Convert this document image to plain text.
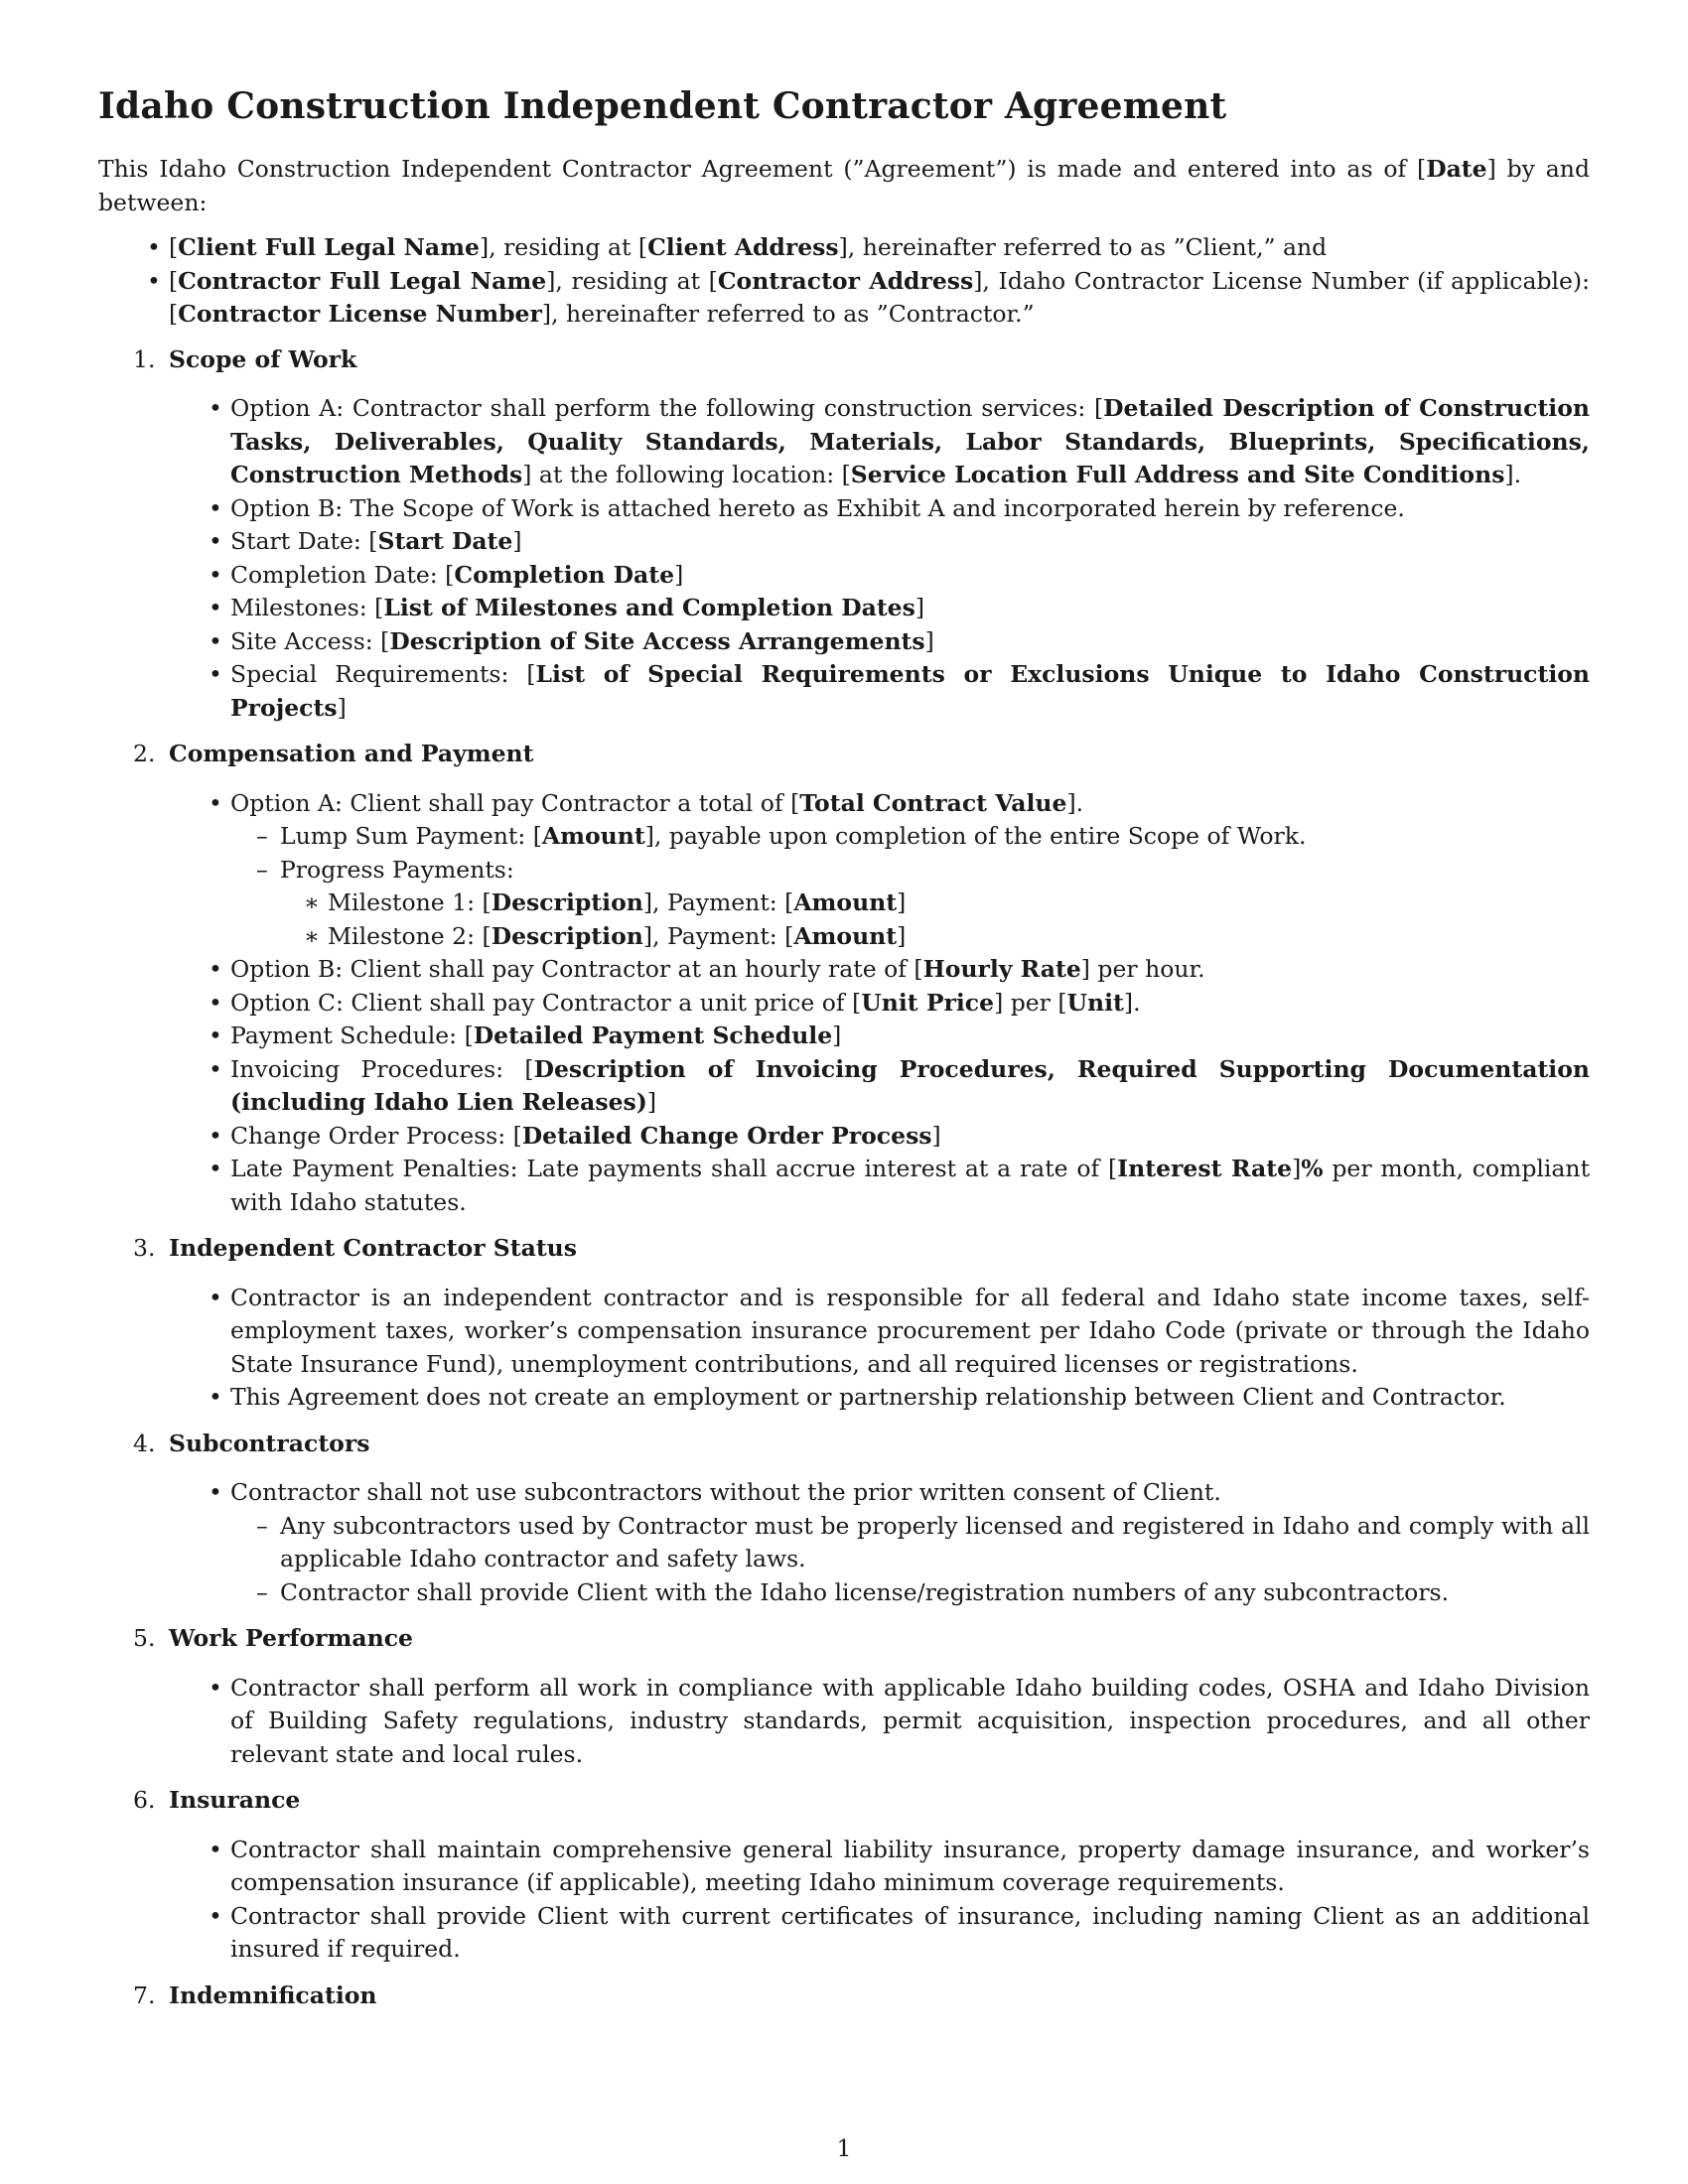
Idaho Construction Independent Contractor Agreement

This Idaho Construction Independent Contractor Agreement (”Agreement”) is made and entered into as of [Date] by and between:

• [Client Full Legal Name], residing at [Client Address], hereinafter referred to as ”Client,” and
• [Contractor Full Legal Name], residing at [Contractor Address], Idaho Contractor License Number (if applicable): [Contractor License Number], hereinafter referred to as ”Contractor.”
1. Scope of Work
• Option A: Contractor shall perform the following construction services: [Detailed Description of Construction Tasks, Deliverables, Quality Standards, Materials, Labor Standards, Blueprints, Specifications, Construction Methods] at the following location: [Service Location Full Address and Site Conditions].
• Option B: The Scope of Work is attached hereto as Exhibit A and incorporated herein by reference.
• Start Date: [Start Date]
• Completion Date: [Completion Date]
• Milestones: [List of Milestones and Completion Dates]
• Site Access: [Description of Site Access Arrangements]
• Special Requirements: [List of Special Requirements or Exclusions Unique to Idaho Construction Projects]
2. Compensation and Payment
• Option A: Client shall pay Contractor a total of [Total Contract Value].
– Lump Sum Payment: [Amount], payable upon completion of the entire Scope of Work.
– Progress Payments:
∗ Milestone 1: [Description], Payment: [Amount]
∗ Milestone 2: [Description], Payment: [Amount]
• Option B: Client shall pay Contractor at an hourly rate of [Hourly Rate] per hour.
• Option C: Client shall pay Contractor a unit price of [Unit Price] per [Unit].
• Payment Schedule: [Detailed Payment Schedule]
• Invoicing Procedures: [Description of Invoicing Procedures, Required Supporting Documentation (including Idaho Lien Releases)]
• Change Order Process: [Detailed Change Order Process]
• Late Payment Penalties: Late payments shall accrue interest at a rate of [Interest Rate]% per month, compliant with Idaho statutes.
3. Independent Contractor Status
• Contractor is an independent contractor and is responsible for all federal and Idaho state income taxes, self-employment taxes, worker’s compensation insurance procurement per Idaho Code (private or through the Idaho State Insurance Fund), unemployment contributions, and all required licenses or registrations.
• This Agreement does not create an employment or partnership relationship between Client and Contractor.
4. Subcontractors
• Contractor shall not use subcontractors without the prior written consent of Client.
– Any subcontractors used by Contractor must be properly licensed and registered in Idaho and comply with all applicable Idaho contractor and safety laws.
– Contractor shall provide Client with the Idaho license/registration numbers of any subcontractors.
5. Work Performance
• Contractor shall perform all work in compliance with applicable Idaho building codes, OSHA and Idaho Division of Building Safety regulations, industry standards, permit acquisition, inspection procedures, and all other relevant state and local rules.
6. Insurance
• Contractor shall maintain comprehensive general liability insurance, property damage insurance, and worker’s compensation insurance (if applicable), meeting Idaho minimum coverage requirements.
• Contractor shall provide Client with current certificates of insurance, including naming Client as an additional insured if required.
7. Indemnification
1
